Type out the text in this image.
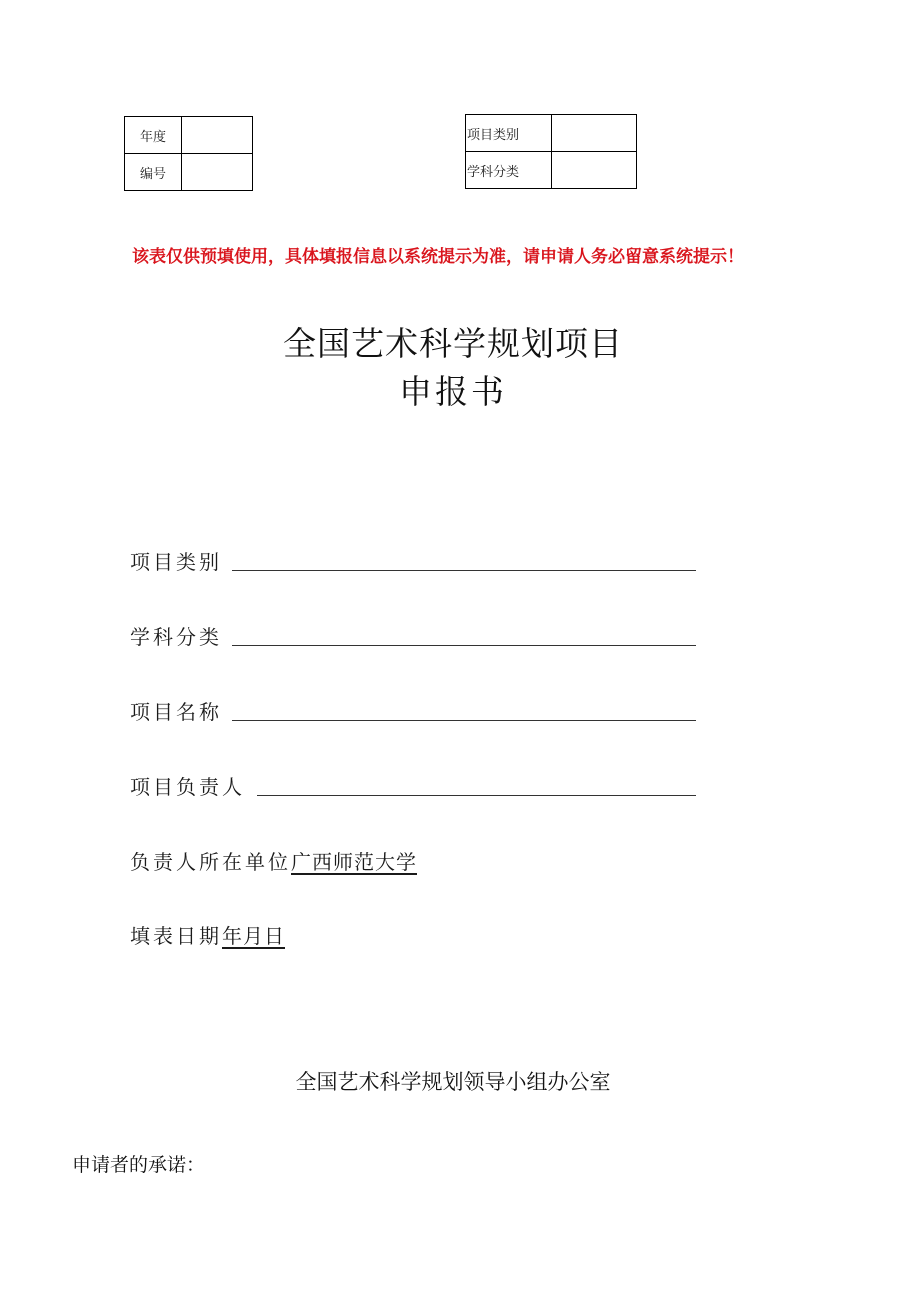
年度	
编号	
项目类别	
学科分类	
该表仅供预填使用，具体填报信息以系统提示为准，请申请人务必留意系统提示！
全国艺术科学规划项目
申报书
项目类别
学科分类
项目名称
项目负责人
负责人所在单位广西师范大学
填表日期年月日
全国艺术科学规划领导小组办公室
申请者的承诺：
